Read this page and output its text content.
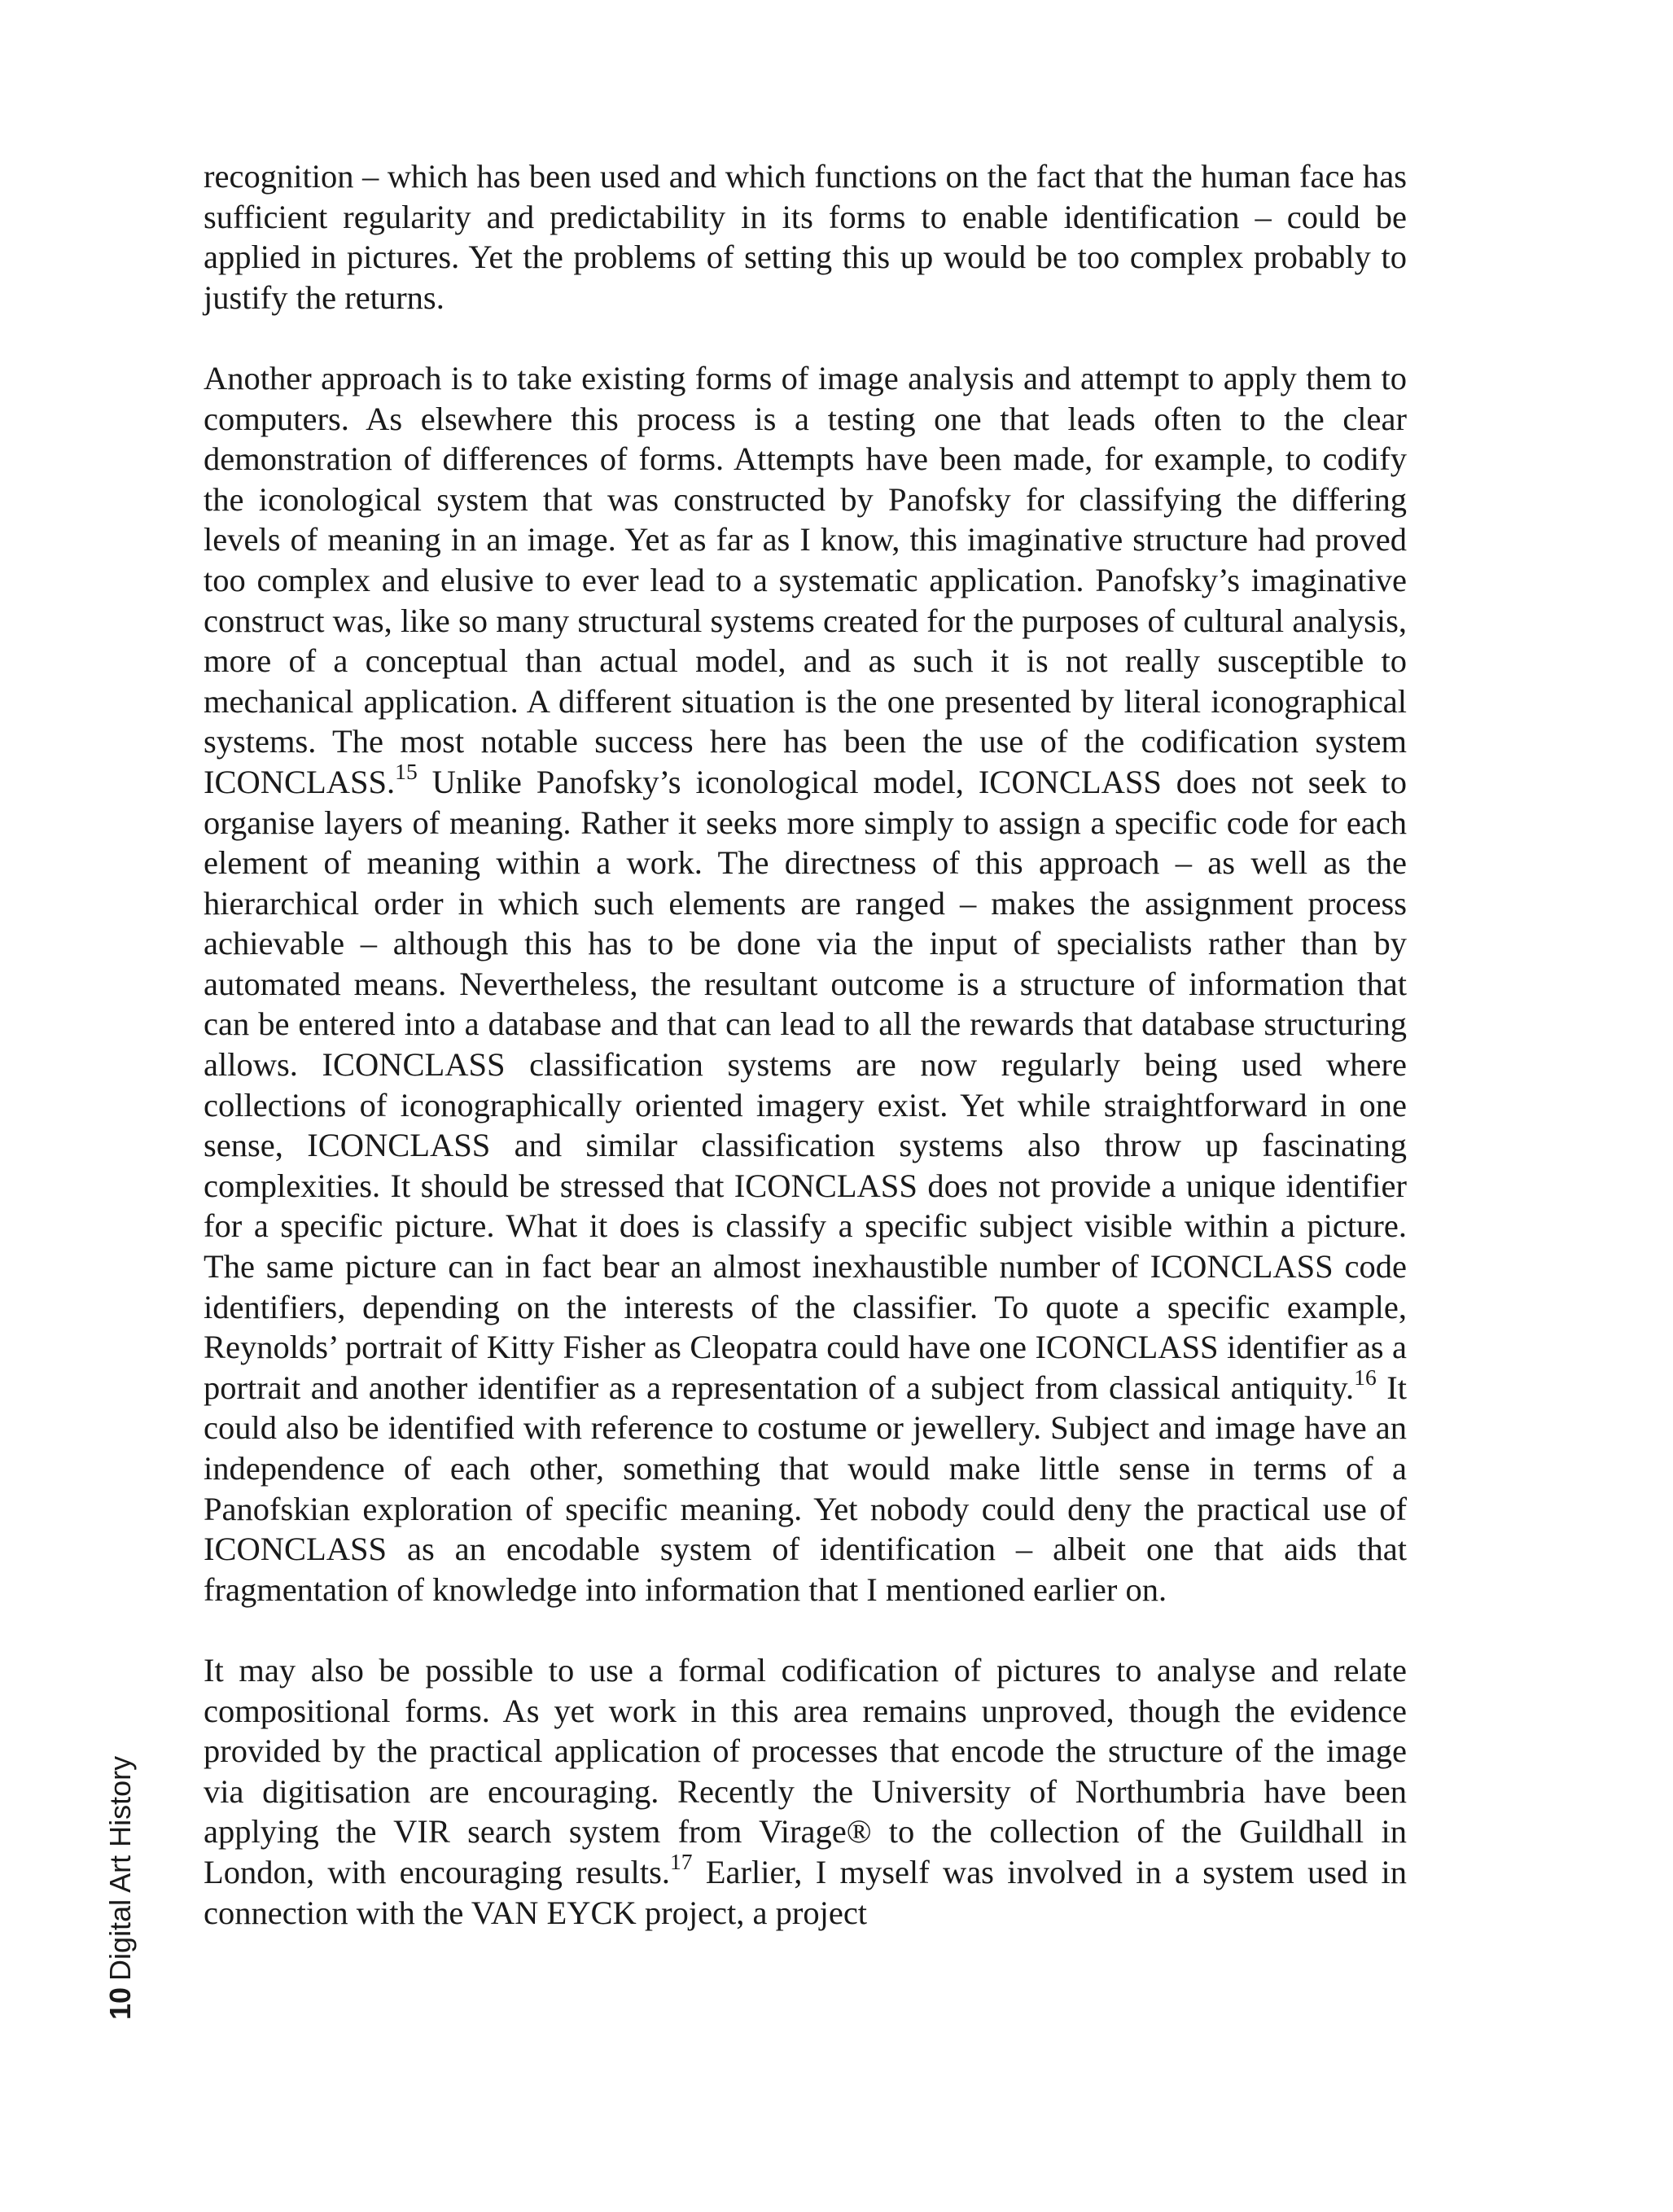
recognition – which has been used and which functions on the fact that the human face has sufficient regularity and predictability in its forms to enable identification – could be applied in pictures. Yet the problems of setting this up would be too complex probably to justify the returns.

Another approach is to take existing forms of image analysis and attempt to apply them to computers. As elsewhere this process is a testing one that leads often to the clear demonstration of differences of forms. Attempts have been made, for example, to codify the iconological system that was constructed by Panofsky for classifying the differing levels of meaning in an image. Yet as far as I know, this imaginative structure had proved too complex and elusive to ever lead to a systematic application. Panofsky’s imaginative construct was, like so many structural systems created for the purposes of cultural analysis, more of a conceptual than actual model, and as such it is not really susceptible to mechanical application. A different situation is the one presented by literal iconographical systems. The most notable success here has been the use of the codification system ICONCLASS.$^{15}$ Unlike Panofsky’s iconological model, ICONCLASS does not seek to organise layers of meaning. Rather it seeks more simply to assign a specific code for each element of meaning within a work. The directness of this approach – as well as the hierarchical order in which such elements are ranged – makes the assignment process achievable – although this has to be done via the input of specialists rather than by automated means. Nevertheless, the resultant outcome is a structure of information that can be entered into a database and that can lead to all the rewards that database structuring allows. ICONCLASS classification systems are now regularly being used where collections of iconographically oriented imagery exist. Yet while straightforward in one sense, ICONCLASS and similar classification systems also throw up fascinating complexities. It should be stressed that ICONCLASS does not provide a unique identifier for a specific picture. What it does is classify a specific subject visible within a picture. The same picture can in fact bear an almost inexhaustible number of ICONCLASS code identifiers, depending on the interests of the classifier. To quote a specific example, Reynolds’ portrait of Kitty Fisher as Cleopatra could have one ICONCLASS identifier as a portrait and another identifier as a representation of a subject from classical antiquity.$^{16}$ It could also be identified with reference to costume or jewellery. Subject and image have an independence of each other, something that would make little sense in terms of a Panofskian exploration of specific meaning. Yet nobody could deny the practical use of ICONCLASS as an encodable system of identification – albeit one that aids that fragmentation of knowledge into information that I mentioned earlier on.

It may also be possible to use a formal codification of pictures to analyse and relate compositional forms. As yet work in this area remains unproved, though the evidence provided by the practical application of processes that encode the structure of the image via digitisation are encouraging. Recently the University of Northumbria have been applying the VIR search system from Virage® to the collection of the Guildhall in London, with encouraging results.$^{17}$ Earlier, I myself was involved in a system used in connection with the VAN EYCK project, a project

10Digital Art History
